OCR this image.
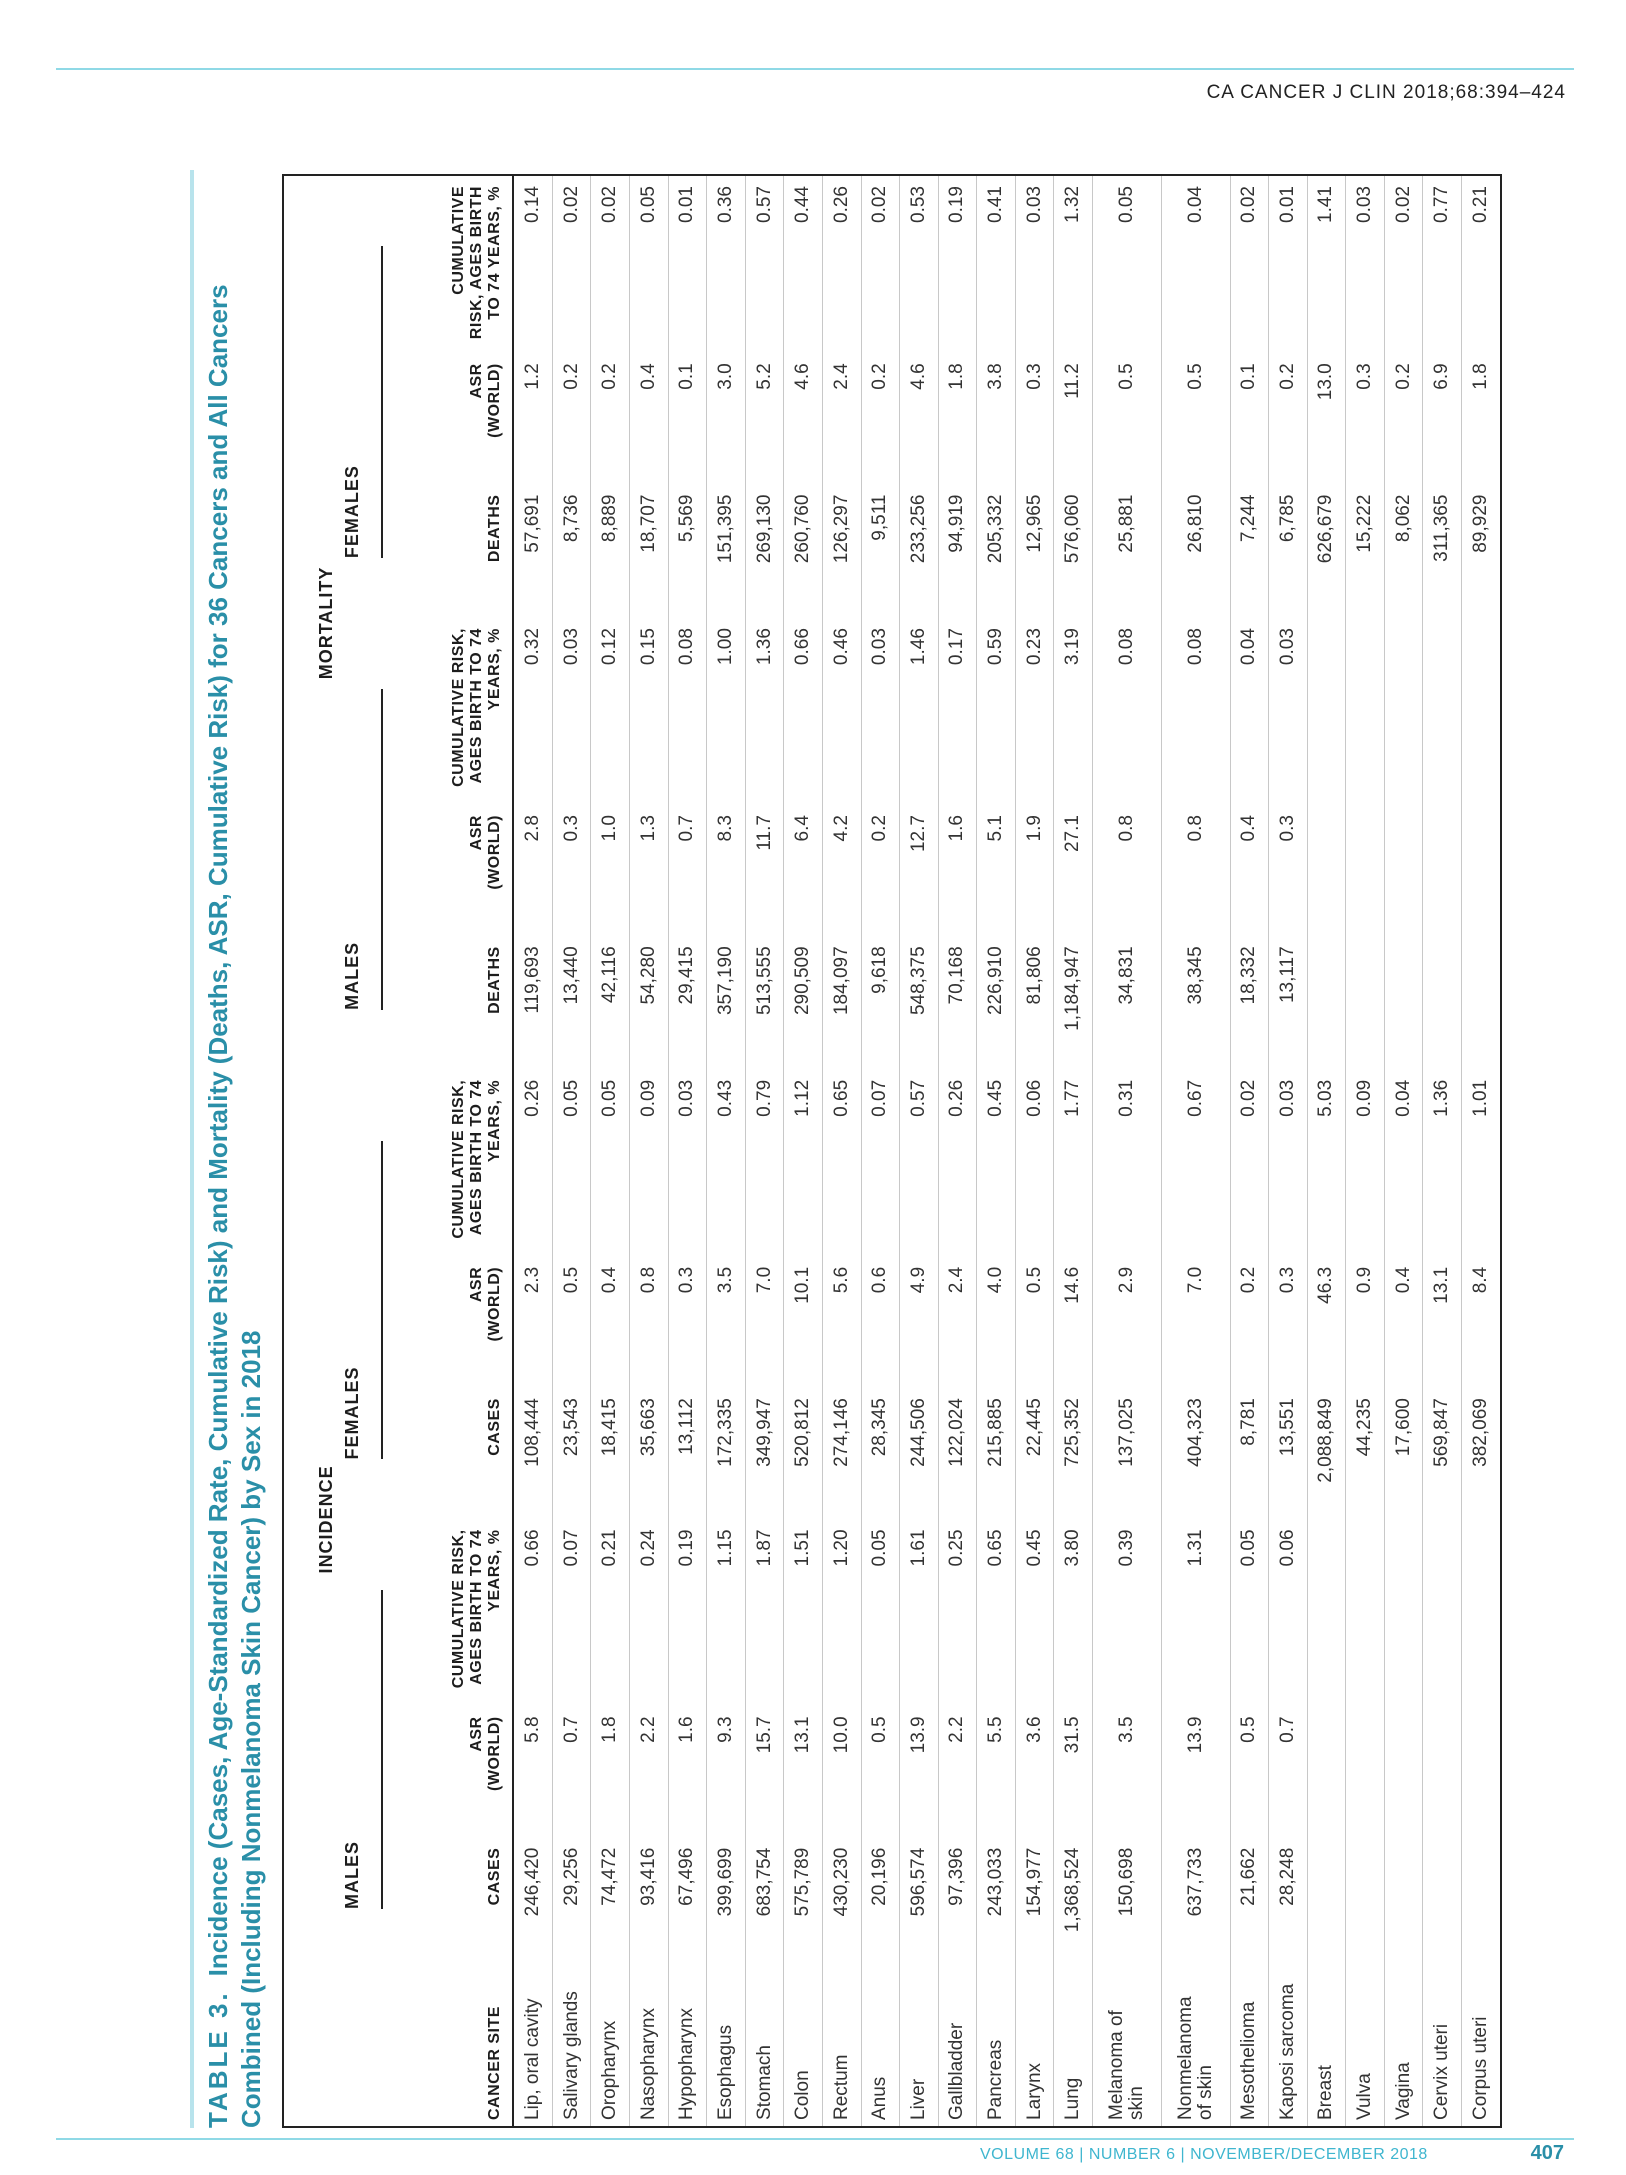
CA CANCER J CLIN 2018;68:394–424
TABLE 3.Incidence (Cases, Age-Standardized Rate, Cumulative Risk) and Mortality (Deaths, ASR, Cumulative Risk) for 36 Cancers and All Cancers Combined (Including Nonmelanoma Skin Cancer) by Sex in 2018
		INCIDENCE						MORTALITY					
	MALES			FEMALES			MALES			FEMALES		
CANCER SITE	CASES	ASR (WORLD)	CUMULATIVE RISK, AGES BIRTH TO 74 YEARS, %	CASES	ASR (WORLD)	CUMULATIVE RISK, AGES BIRTH TO 74 YEARS, %	DEATHS	ASR (WORLD)	CUMULATIVE RISK, AGES BIRTH TO 74 YEARS, %	DEATHS	ASR (WORLD)	CUMULATIVE RISK, AGES BIRTH TO 74 YEARS, %
Lip, oral cavity	246,420	5.8	0.66	108,444	2.3	0.26	119,693	2.8	0.32	57,691	1.2	0.14
Salivary glands	29,256	0.7	0.07	23,543	0.5	0.05	13,440	0.3	0.03	8,736	0.2	0.02
Oropharynx	74,472	1.8	0.21	18,415	0.4	0.05	42,116	1.0	0.12	8,889	0.2	0.02
Nasopharynx	93,416	2.2	0.24	35,663	0.8	0.09	54,280	1.3	0.15	18,707	0.4	0.05
Hypopharynx	67,496	1.6	0.19	13,112	0.3	0.03	29,415	0.7	0.08	5,569	0.1	0.01
Esophagus	399,699	9.3	1.15	172,335	3.5	0.43	357,190	8.3	1.00	151,395	3.0	0.36
Stomach	683,754	15.7	1.87	349,947	7.0	0.79	513,555	11.7	1.36	269,130	5.2	0.57
Colon	575,789	13.1	1.51	520,812	10.1	1.12	290,509	6.4	0.66	260,760	4.6	0.44
Rectum	430,230	10.0	1.20	274,146	5.6	0.65	184,097	4.2	0.46	126,297	2.4	0.26
Anus	20,196	0.5	0.05	28,345	0.6	0.07	9,618	0.2	0.03	9,511	0.2	0.02
Liver	596,574	13.9	1.61	244,506	4.9	0.57	548,375	12.7	1.46	233,256	4.6	0.53
Gallbladder	97,396	2.2	0.25	122,024	2.4	0.26	70,168	1.6	0.17	94,919	1.8	0.19
Pancreas	243,033	5.5	0.65	215,885	4.0	0.45	226,910	5.1	0.59	205,332	3.8	0.41
Larynx	154,977	3.6	0.45	22,445	0.5	0.06	81,806	1.9	0.23	12,965	0.3	0.03
Lung	1,368,524	31.5	3.80	725,352	14.6	1.77	1,184,947	27.1	3.19	576,060	11.2	1.32
Melanoma of skin	150,698	3.5	0.39	137,025	2.9	0.31	34,831	0.8	0.08	25,881	0.5	0.05
Nonmelanoma of skin	637,733	13.9	1.31	404,323	7.0	0.67	38,345	0.8	0.08	26,810	0.5	0.04
Mesothelioma	21,662	0.5	0.05	8,781	0.2	0.02	18,332	0.4	0.04	7,244	0.1	0.02
Kaposi sarcoma	28,248	0.7	0.06	13,551	0.3	0.03	13,117	0.3	0.03	6,785	0.2	0.01
Breast				2,088,849	46.3	5.03				626,679	13.0	1.41
Vulva				44,235	0.9	0.09				15,222	0.3	0.03
Vagina				17,600	0.4	0.04				8,062	0.2	0.02
Cervix uteri				569,847	13.1	1.36				311,365	6.9	0.77
Corpus uteri				382,069	8.4	1.01				89,929	1.8	0.21
VOLUME 68 | NUMBER 6 | NOVEMBER/DECEMBER 2018	407
